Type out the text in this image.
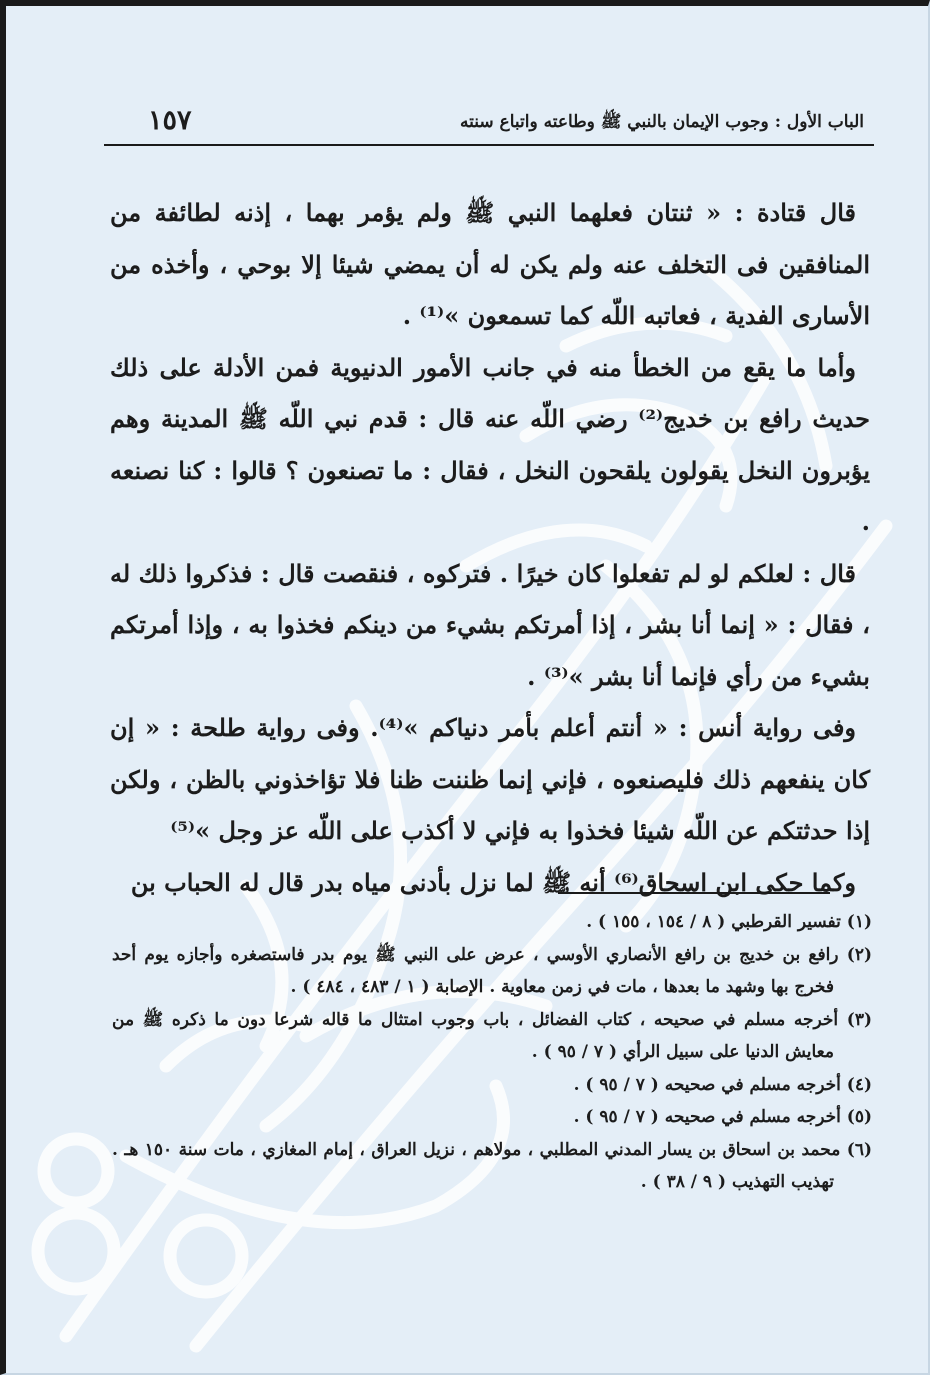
الباب الأول : وجوب الإيمان بالنبي ﷺ وطاعته واتباع سنته
١٥٧

قال قتادة : « ثنتان فعلهما النبي ﷺ ولم يؤمر بهما ، إذنه لطائفة من المنافقين فى التخلف عنه ولم يكن له أن يمضي شيئا إلا بوحي ، وأخذه من الأسارى الفدية ، فعاتبه اللّه كما تسمعون »⁽¹⁾ .

وأما ما يقع من الخطأ منه في جانب الأمور الدنيوية فمن الأدلة على ذلك حديث رافع بن خديج⁽²⁾ رضي اللّه عنه قال : قدم نبي اللّه ﷺ المدينة وهم يؤبرون النخل يقولون يلقحون النخل ، فقال : ما تصنعون ؟ قالوا : كنا نصنعه .

قال : لعلكم لو لم تفعلوا كان خيرًا . فتركوه ، فنقصت قال : فذكروا ذلك له ، فقال : « إنما أنا بشر ، إذا أمرتكم بشيء من دينكم فخذوا به ، وإذا أمرتكم بشيء من رأي فإنما أنا بشر »⁽³⁾ .

وفى رواية أنس : « أنتم أعلم بأمر دنياكم »⁽⁴⁾. وفى رواية طلحة : « إن كان ينفعهم ذلك فليصنعوه ، فإني إنما ظننت ظنا فلا تؤاخذوني بالظن ، ولكن إذا حدثتكم عن اللّه شيئا فخذوا به فإني لا أكذب على اللّه عز وجل »⁽⁵⁾

وكما حكى ابن اسحاق⁽⁶⁾ أنه ﷺ لما نزل بأدنى مياه بدر قال له الحباب بن

(١) تفسير القرطبي ( ٨ / ١٥٤ ، ١٥٥ ) .

(٢) رافع بن خديج بن رافع الأنصاري الأوسي ، عرض على النبي ﷺ يوم بدر فاستصغره وأجازه يوم أحد فخرج بها وشهد ما بعدها ، مات في زمن معاوية . الإصابة ( ١ / ٤٨٣ ، ٤٨٤ ) .

(٣) أخرجه مسلم في صحيحه ، كتاب الفضائل ، باب وجوب امتثال ما قاله شرعا دون ما ذكره ﷺ من معايش الدنيا على سبيل الرأي ( ٧ / ٩٥ ) .

(٤) أخرجه مسلم في صحيحه ( ٧ / ٩٥ ) .

(٥) أخرجه مسلم في صحيحه ( ٧ / ٩٥ ) .

(٦) محمد بن اسحاق بن يسار المدني المطلبي ، مولاهم ، نزيل العراق ، إمام المغازي ، مات سنة ١٥٠ هـ . تهذيب التهذيب ( ٩ / ٣٨ ) .
